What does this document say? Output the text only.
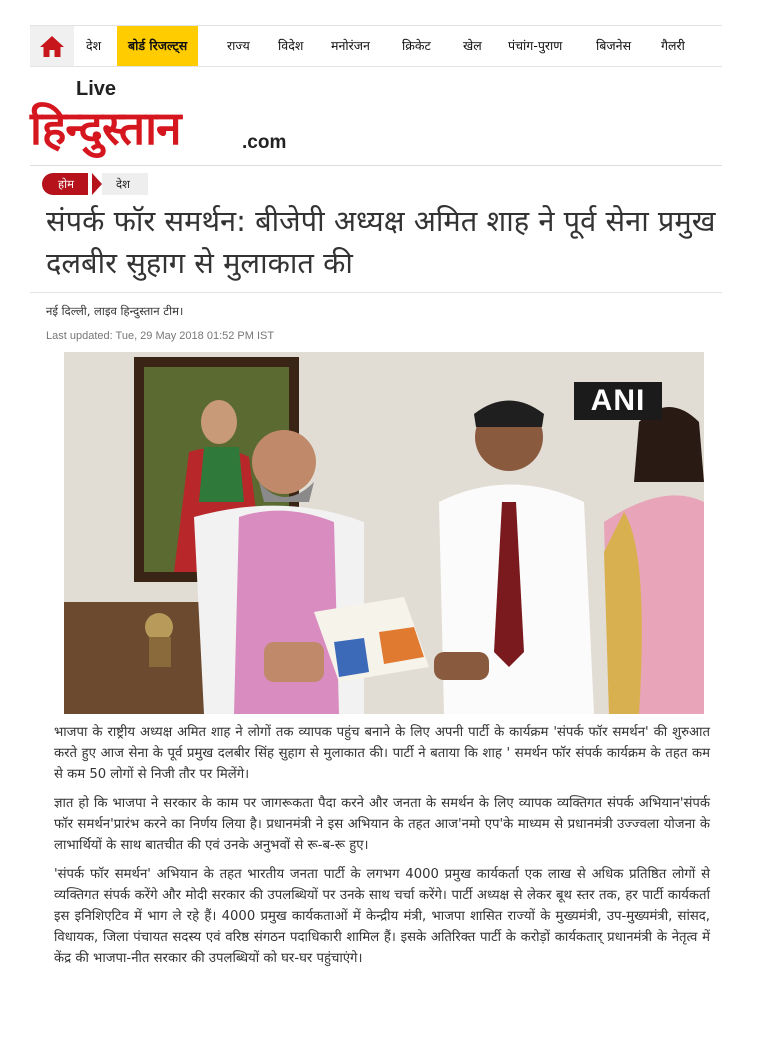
देश	बोर्ड रिजल्ट्स	राज्य विदेश मनोरंजन	क्रिकेट	खेल पंचांग-पुराण	बिजनेस गैलरी
Live
हिन्दुस्तान	.com
देश
होम
संपर्क फॉर समर्थन: बीजेपी अध्यक्ष अमित शाह ने पूर्व सेना प्रमुख दलबीर सुहाग से मुलाकात की
नई दिल्ली, लाइव हिन्दुस्तान टीम।
Last updated: Tue, 29 May 2018 01:52 PM IST
ANI

भाजपा के राष्ट्रीय अध्यक्ष अमित शाह ने लोगों तक व्यापक पहुंच बनाने के लिए अपनी पार्टी के कार्यक्रम 'संपर्क फॉर समर्थन' की शुरुआत करते हुए आज सेना के पूर्व प्रमुख दलबीर सिंह सुहाग से मुलाकात की। पार्टी ने बताया कि शाह ' समर्थन फॉर संपर्क कार्यक्रम के तहत कम से कम 50 लोगों से निजी तौर पर मिलेंगे।

ज्ञात हो कि भाजपा ने सरकार के काम पर जागरूकता पैदा करने और जनता के समर्थन के लिए व्यापक व्यक्तिगत संपर्क अभियान'संपर्क फॉर समर्थन'प्रारंभ करने का निर्णय लिया है। प्रधानमंत्री ने इस अभियान के तहत आज'नमो एप'के माध्यम से प्रधानमंत्री उज्ज्वला योजना के लाभार्थियों के साथ बातचीत की एवं उनके अनुभवों से रू-ब-रू हुए।

'संपर्क फॉर समर्थन' अभियान के तहत भारतीय जनता पार्टी के लगभग 4000 प्रमुख कार्यकर्ता एक लाख से अधिक प्रतिष्ठित लोगों से व्यक्तिगत संपर्क करेंगे और मोदी सरकार की उपलब्धियों पर उनके साथ चर्चा करेंगे। पार्टी अध्यक्ष से लेकर बूथ स्तर तक, हर पार्टी कार्यकर्ता इस इनिशिएटिव में भाग ले रहे हैं। 4000 प्रमुख कार्यकताओं में केन्द्रीय मंत्री, भाजपा शासित राज्यों के मुख्यमंत्री, उप-मुख्यमंत्री, सांसद, विधायक, जिला पंचायत सदस्य एवं वरिष्ठ संगठन पदाधिकारी शामिल हैं। इसके अतिरिक्त पार्टी के करोड़ों कार्यकतार् प्रधानमंत्री के नेतृत्व में केंद्र की भाजपा-नीत सरकार की उपलब्धियों को घर-घर पहुंचाएंगे।
